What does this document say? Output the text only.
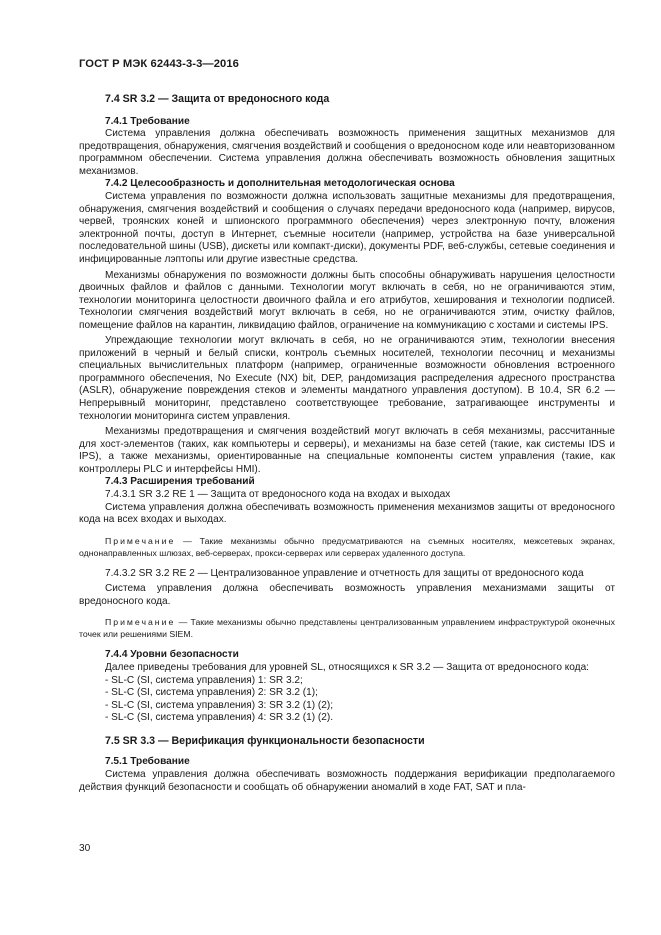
ГОСТ Р МЭК 62443-3-3—2016
7.4 SR 3.2 — Защита от вредоносного кода
7.4.1 Требование

Система управления должна обеспечивать возможность применения защитных механизмов для предотвращения, обнаружения, смягчения воздействий и сообщения о вредоносном коде или неавторизованном программном обеспечении. Система управления должна обеспечивать возможность обновления защитных механизмов.

7.4.2 Целесообразность и дополнительная методологическая основа

Система управления по возможности должна использовать защитные механизмы для предотвращения, обнаружения, смягчения воздействий и сообщения о случаях передачи вредоносного кода (например, вирусов, червей, троянских коней и шпионского программного обеспечения) через электронную почту, вложения электронной почты, доступ в Интернет, съемные носители (например, устройства на базе универсальной последовательной шины (USB), дискеты или компакт-диски), документы PDF, веб-службы, сетевые соединения и инфицированные лэптопы или другие известные средства.

Механизмы обнаружения по возможности должны быть способны обнаруживать нарушения целостности двоичных файлов и файлов с данными. Технологии могут включать в себя, но не ограничиваются этим, технологии мониторинга целостности двоичного файла и его атрибутов, хеширования и технологии подписей. Технологии смягчения воздействий могут включать в себя, но не ограничиваются этим, очистку файлов, помещение файлов на карантин, ликвидацию файлов, ограничение на коммуникацию с хостами и системы IPS.

Упреждающие технологии могут включать в себя, но не ограничиваются этим, технологии внесения приложений в черный и белый списки, контроль съемных носителей, технологии песочниц и механизмы специальных вычислительных платформ (например, ограниченные возможности обновления встроенного программного обеспечения, No Execute (NX) bit, DEP, рандомизация распределения адресного пространства (ASLR), обнаружение повреждения стеков и элементы мандатного управления доступом). В 10.4, SR 6.2 — Непрерывный мониторинг, представлено соответствующее требование, затрагивающее инструменты и технологии мониторинга систем управления.

Механизмы предотвращения и смягчения воздействий могут включать в себя механизмы, рассчитанные для хост-элементов (таких, как компьютеры и серверы), и механизмы на базе сетей (такие, как системы IDS и IPS), а также механизмы, ориентированные на специальные компоненты систем управления (такие, как контроллеры PLC и интерфейсы HMI).

7.4.3 Расширения требований
7.4.3.1 SR 3.2 RE 1 — Защита от вредоносного кода на входах и выходах

Система управления должна обеспечивать возможность применения механизмов защиты от вредоносного кода на всех входах и выходах.

Примечание — Такие механизмы обычно предусматриваются на съемных носителях, межсетевых экранах, однонаправленных шлюзах, веб-серверах, прокси-серверах или серверах удаленного доступа.

7.4.3.2 SR 3.2 RE 2 — Централизованное управление и отчетность для защиты от вредоносного кода

Система управления должна обеспечивать возможность управления механизмами защиты от вредоносного кода.

Примечание — Такие механизмы обычно представлены централизованным управлением инфраструктурой оконечных точек или решениями SIEM.

7.4.4 Уровни безопасности

Далее приведены требования для уровней SL, относящихся к SR 3.2 — Защита от вредоносного кода:

- SL-C (SI, система управления) 1: SR 3.2;
- SL-C (SI, система управления) 2: SR 3.2 (1);
- SL-C (SI, система управления) 3: SR 3.2 (1) (2);
- SL-C (SI, система управления) 4: SR 3.2 (1) (2).
7.5 SR 3.3 — Верификация функциональности безопасности
7.5.1 Требование

Система управления должна обеспечивать возможность поддержания верификации предполагаемого действия функций безопасности и сообщать об обнаружении аномалий в ходе FAT, SAT и пла-

30
